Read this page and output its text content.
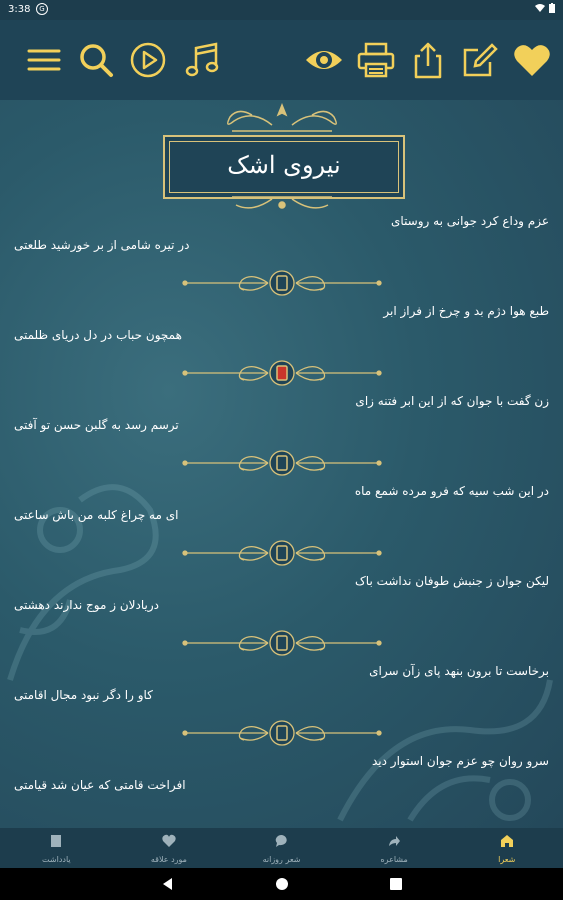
3:38	G
نیروی اشک
عزم وداع کرد جوانی به روستای
در تیره شامی از بر خورشید طلعتی
طبع هوا دژم بد و چرخ از فراز ابر
همچون حباب در دل دریای ظلمتی
زن گفت با جوان که از این ابر فتنه زای
ترسم رسد به گلبن حسن تو آفتی
در این شب سیه که فرو مرده شمع ماه
ای مه چراغ کلبه من باش ساعتی
لیکن جوان ز جنبش طوفان نداشت باک
دریادلان ز موج ندارند دهشتی
برخاست تا برون بنهد پای زآن سرای
کاو را دگر نبود مجال اقامتی
سرو روان چو عزم جوان استوار دید
افراخت قامتی که عیان شد قیامتی
شعرا
مشاعره
شعر روزانه
مورد علاقه
یادداشت
